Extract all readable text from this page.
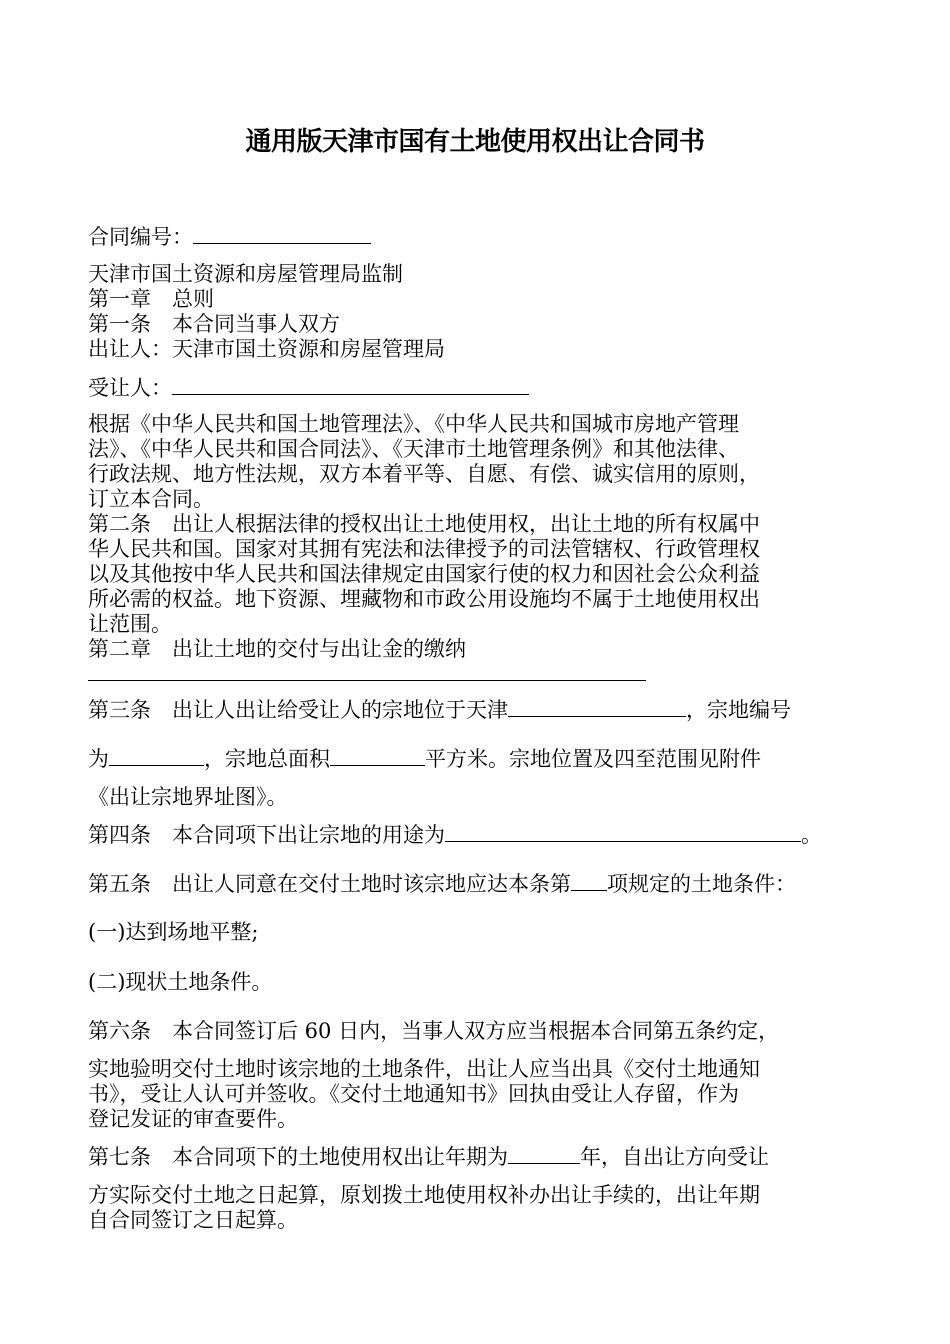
通用版天津市国有土地使用权出让合同书
合同编号：
天津市国土资源和房屋管理局监制
第一章　总则
第一条　本合同当事人双方
出让人：天津市国土资源和房屋管理局
受让人：
根据《中华人民共和国土地管理法》、《中华人民共和国城市房地产管理
法》、《中华人民共和国合同法》、《天津市土地管理条例》和其他法律、
行政法规、地方性法规，双方本着平等、自愿、有偿、诚实信用的原则，
订立本合同。
第二条　出让人根据法律的授权出让土地使用权，出让土地的所有权属中
华人民共和国。国家对其拥有宪法和法律授予的司法管辖权、行政管理权
以及其他按中华人民共和国法律规定由国家行使的权力和因社会公众利益
所必需的权益。地下资源、埋藏物和市政公用设施均不属于土地使用权出
让范围。
第二章　出让土地的交付与出让金的缴纳
第三条　出让人出让给受让人的宗地位于天津	，宗地编号
为	，宗地总面积	平方米。宗地位置及四至范围见附件
《出让宗地界址图》。
第四条　本合同项下出让宗地的用途为	。
第五条　出让人同意在交付土地时该宗地应达本条第 项规定的土地条件：
(一)达到场地平整;
(二)现状土地条件。
第六条　本合同签订后 60 日内，当事人双方应当根据本合同第五条约定，
实地验明交付土地时该宗地的土地条件，出让人应当出具《交付土地通知
书》，受让人认可并签收。《交付土地通知书》回执由受让人存留，作为
登记发证的审查要件。
第七条　本合同项下的土地使用权出让年期为	年，自出让方向受让
方实际交付土地之日起算，原划拨土地使用权补办出让手续的，出让年期
自合同签订之日起算。
